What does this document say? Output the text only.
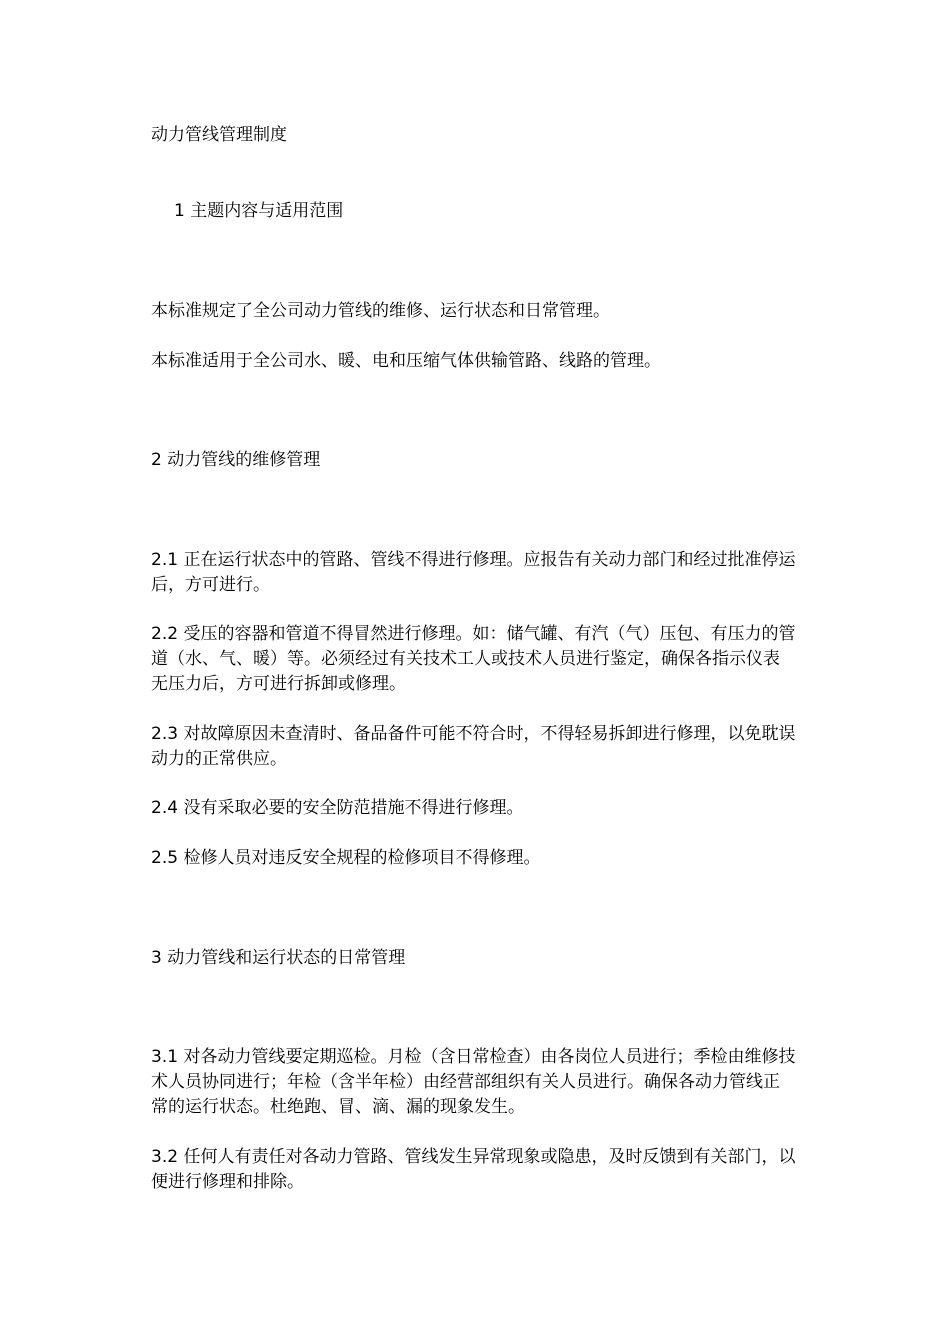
动力管线管理制度
1 主题内容与适用范围
本标准规定了全公司动力管线的维修、运行状态和日常管理。
本标准适用于全公司水、暖、电和压缩气体供输管路、线路的管理。
2 动力管线的维修管理
2.1 正在运行状态中的管路、管线不得进行修理。应报告有关动力部门和经过批准停运后，方可进行。
2.2 受压的容器和管道不得冒然进行修理。如：储气罐、有汽（气）压包、有压力的管道（水、气、暖）等。必须经过有关技术工人或技术人员进行鉴定，确保各指示仪表无压力后，方可进行拆卸或修理。
2.3 对故障原因未查清时、备品备件可能不符合时，不得轻易拆卸进行修理，以免耽误动力的正常供应。
2.4 没有采取必要的安全防范措施不得进行修理。
2.5 检修人员对违反安全规程的检修项目不得修理。
3 动力管线和运行状态的日常管理
3.1 对各动力管线要定期巡检。月检（含日常检查）由各岗位人员进行；季检由维修技术人员协同进行；年检（含半年检）由经营部组织有关人员进行。确保各动力管线正常的运行状态。杜绝跑、冒、滴、漏的现象发生。
3.2 任何人有责任对各动力管路、管线发生异常现象或隐患，及时反馈到有关部门，以便进行修理和排除。
